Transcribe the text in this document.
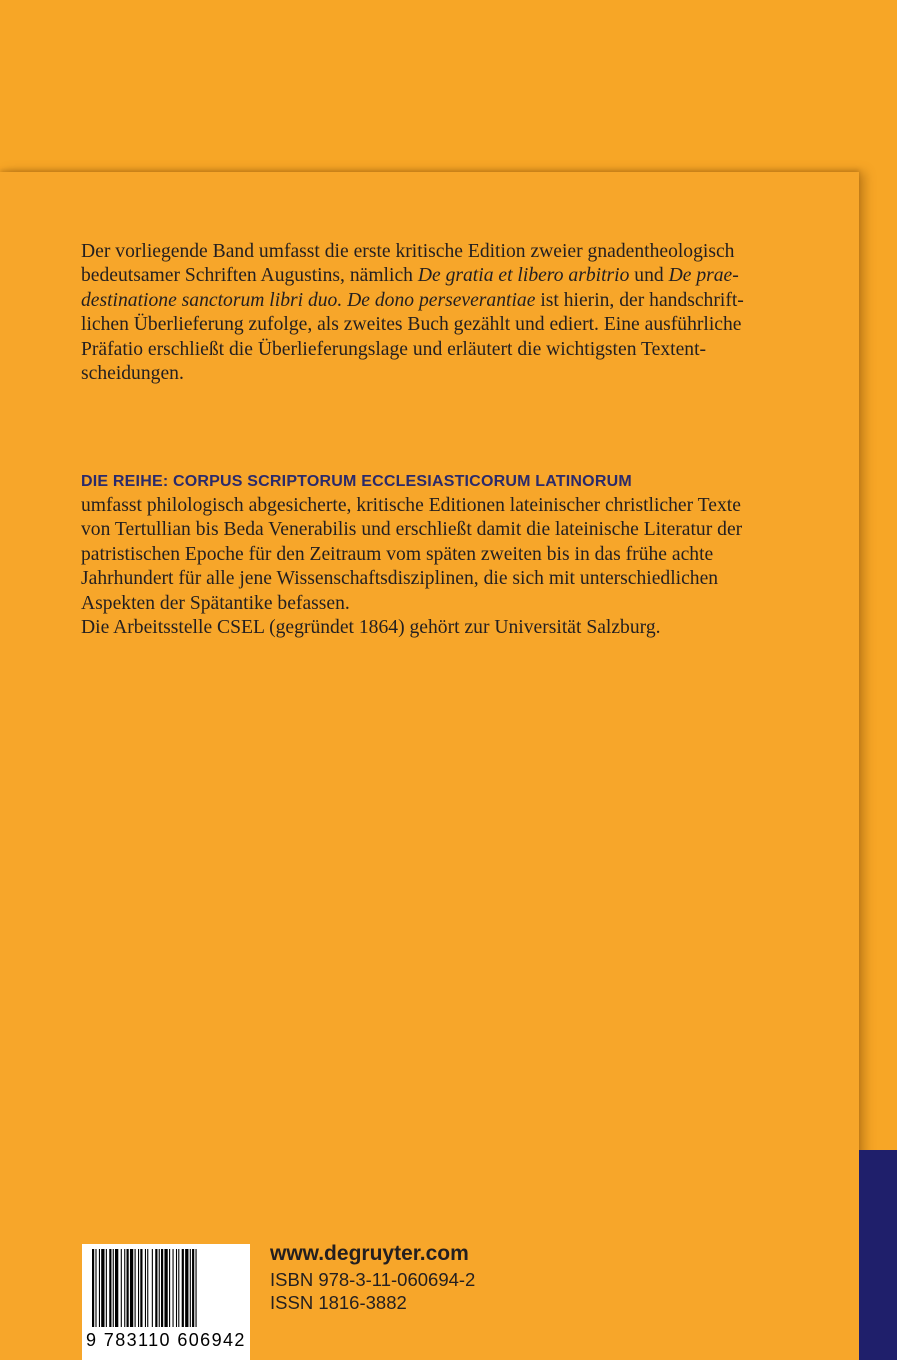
Der vorliegende Band umfasst die erste kritische Edition zweier gnadentheologisch

bedeutsamer Schriften Augustins, nämlich De gratia et libero arbitrio und De prae-

destinatione sanctorum libri duo. De dono perseverantiae ist hierin, der handschrift-

lichen Überlieferung zufolge, als zweites Buch gezählt und ediert. Eine ausführliche

Präfatio erschließt die Überlieferungslage und erläutert die wichtigsten Textent-

scheidungen.

DIE REIHE: CORPUS SCRIPTORUM ECCLESIASTICORUM LATINORUM

umfasst philologisch abgesicherte, kritische Editionen lateinischer christlicher Texte

von Tertullian bis Beda Venerabilis und erschließt damit die lateinische Literatur der

patristischen Epoche für den Zeitraum vom späten zweiten bis in das frühe achte

Jahrhundert für alle jene Wissenschaftsdisziplinen, die sich mit unterschiedlichen

Aspekten der Spätantike befassen.

Die Arbeitsstelle CSEL (gegründet 1864) gehört zur Universität Salzburg.

9 783110 606942
www.degruyter.com
ISBN 978-3-11-060694-2
ISSN 1816-3882
